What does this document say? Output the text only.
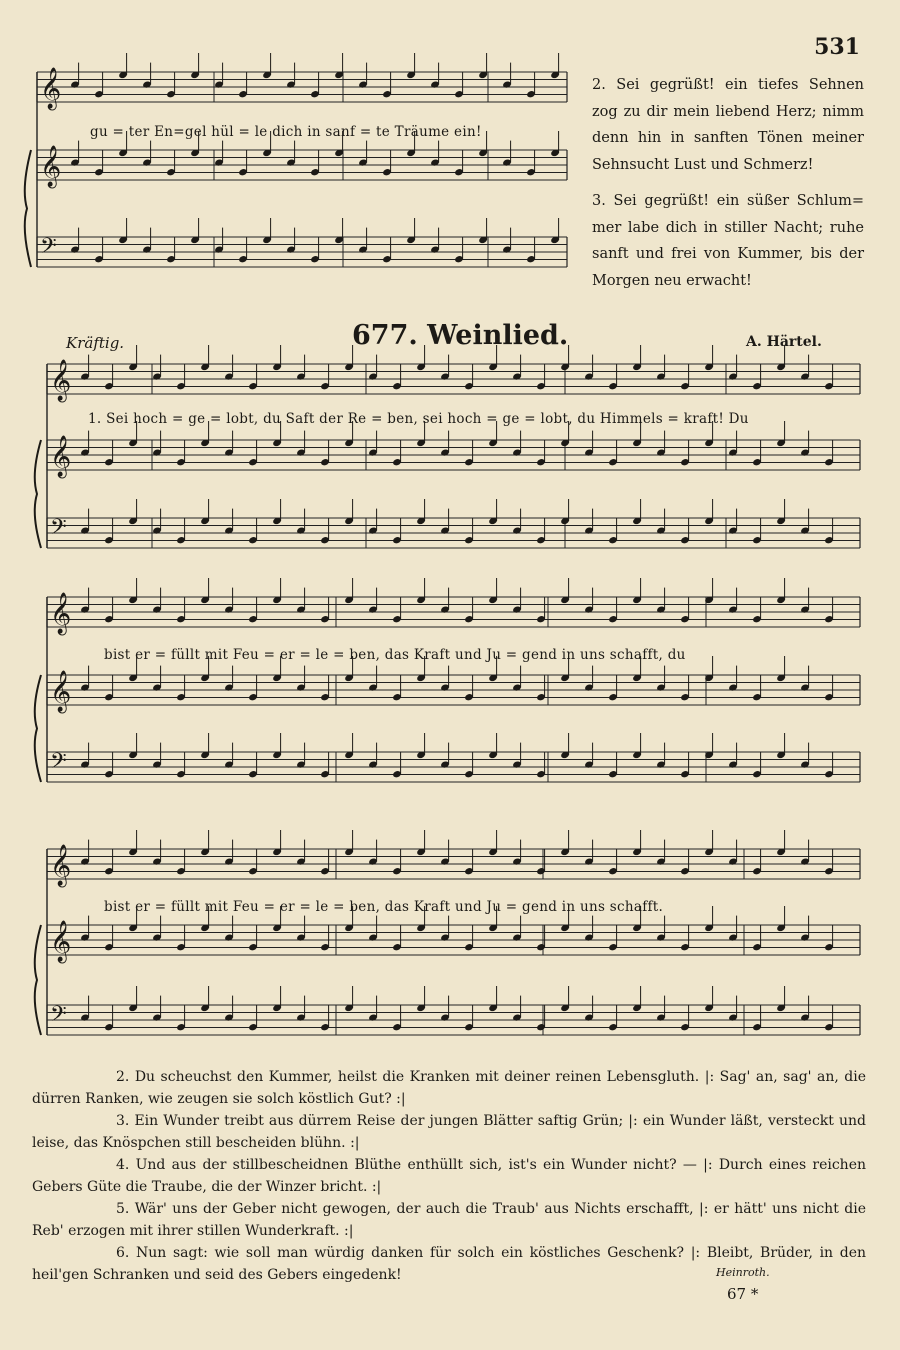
531
𝄞
𝄞
𝄢
𝄞
𝄞
𝄢
𝄞
𝄞
𝄢
𝄞
𝄞
𝄢
gu = ter En=gel hül = le dich in sanf = te Träume ein!

2. Sei gegrüßt! ein tiefes Sehnen zog zu dir mein liebend Herz; nimm denn hin in sanften Tönen meiner Sehnsucht Lust und Schmerz!

3. Sei gegrüßt! ein süßer Schlum= mer labe dich in stiller Nacht; ruhe sanft und frei von Kummer, bis der Morgen neu erwacht!

Kräftig.	677. Weinlied.	A. Härtel.
1. Sei hoch = ge = lobt, du Saft der Re = ben, sei hoch = ge = lobt, du Himmels = kraft! Du
bist er = füllt mit Feu = er = le = ben, das Kraft und Ju = gend in uns schafft, du
bist er = füllt mit Feu = er = le = ben, das Kraft und Ju = gend in uns schafft.

2. Du scheuchst den Kummer, heilst die Kranken mit deiner reinen Lebensgluth. |: Sag' an, sag' an, die dürren Ranken, wie zeugen sie solch köstlich Gut? :|

3. Ein Wunder treibt aus dürrem Reise der jungen Blätter saftig Grün; |: ein Wunder läßt, versteckt und leise, das Knöspchen still bescheiden blühn. :|

4. Und aus der stillbescheidnen Blüthe enthüllt sich, ist's ein Wunder nicht? — |: Durch eines reichen Gebers Güte die Traube, die der Winzer bricht. :|

5. Wär' uns der Geber nicht gewogen, der auch die Traub' aus Nichts erschafft, |: er hätt' uns nicht die Reb' erzogen mit ihrer stillen Wunderkraft. :|

6. Nun sagt: wie soll man würdig danken für solch ein köstliches Geschenk? |: Bleibt, Brüder, in den heil'gen Schranken und seid des Gebers eingedenk!	Heinroth.
67 *
